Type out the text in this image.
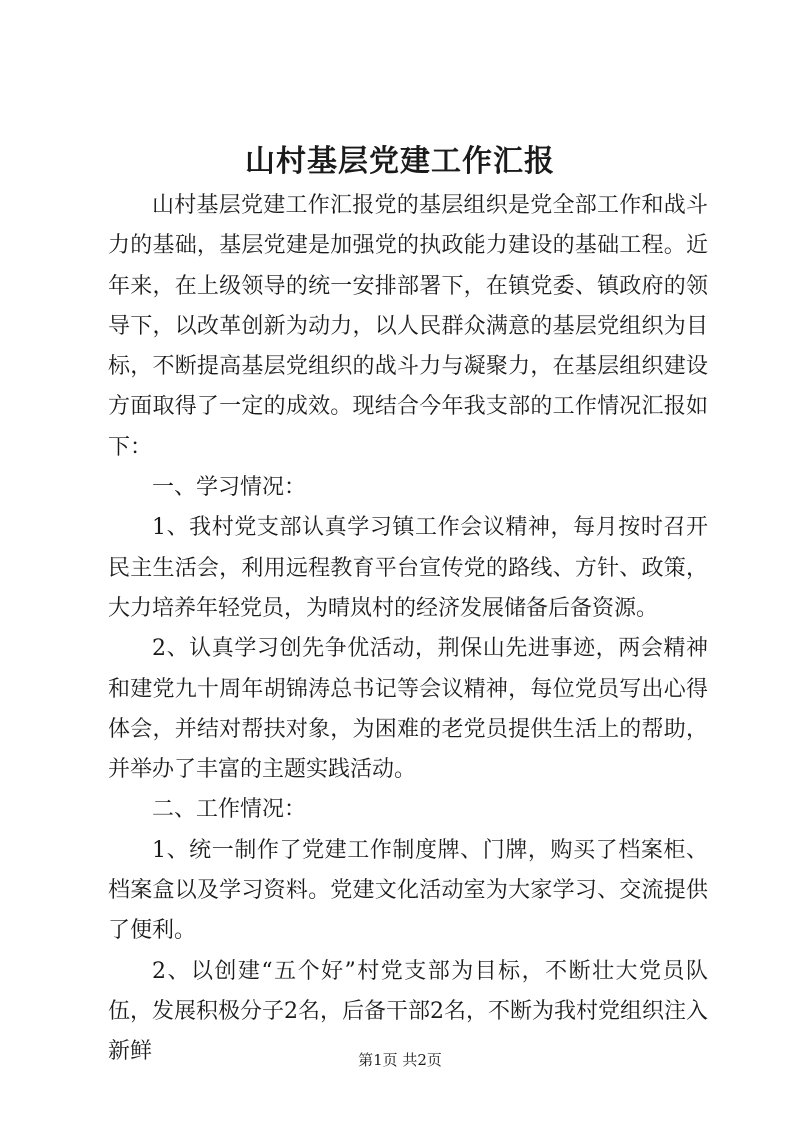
山村基层党建工作汇报

山村基层党建工作汇报党的基层组织是党全部工作和战斗力的基础，基层党建是加强党的执政能力建设的基础工程。近年来，在上级领导的统一安排部署下，在镇党委、镇政府的领导下，以改革创新为动力，以人民群众满意的基层党组织为目标，不断提高基层党组织的战斗力与凝聚力，在基层组织建设方面取得了一定的成效。现结合今年我支部的工作情况汇报如下：

一、学习情况：

1、我村党支部认真学习镇工作会议精神，每月按时召开民主生活会，利用远程教育平台宣传党的路线、方针、政策，大力培养年轻党员，为晴岚村的经济发展储备后备资源。

2、认真学习创先争优活动，荆保山先进事迹，两会精神和建党九十周年胡锦涛总书记等会议精神，每位党员写出心得体会，并结对帮扶对象，为困难的老党员提供生活上的帮助，并举办了丰富的主题实践活动。

二、工作情况：

1、统一制作了党建工作制度牌、门牌，购买了档案柜、档案盒以及学习资料。党建文化活动室为大家学习、交流提供了便利。

2、以创建“五个好”村党支部为目标，不断壮大党员队伍，发展积极分子2名，后备干部2名，不断为我村党组织注入新鲜	第1页 共2页
